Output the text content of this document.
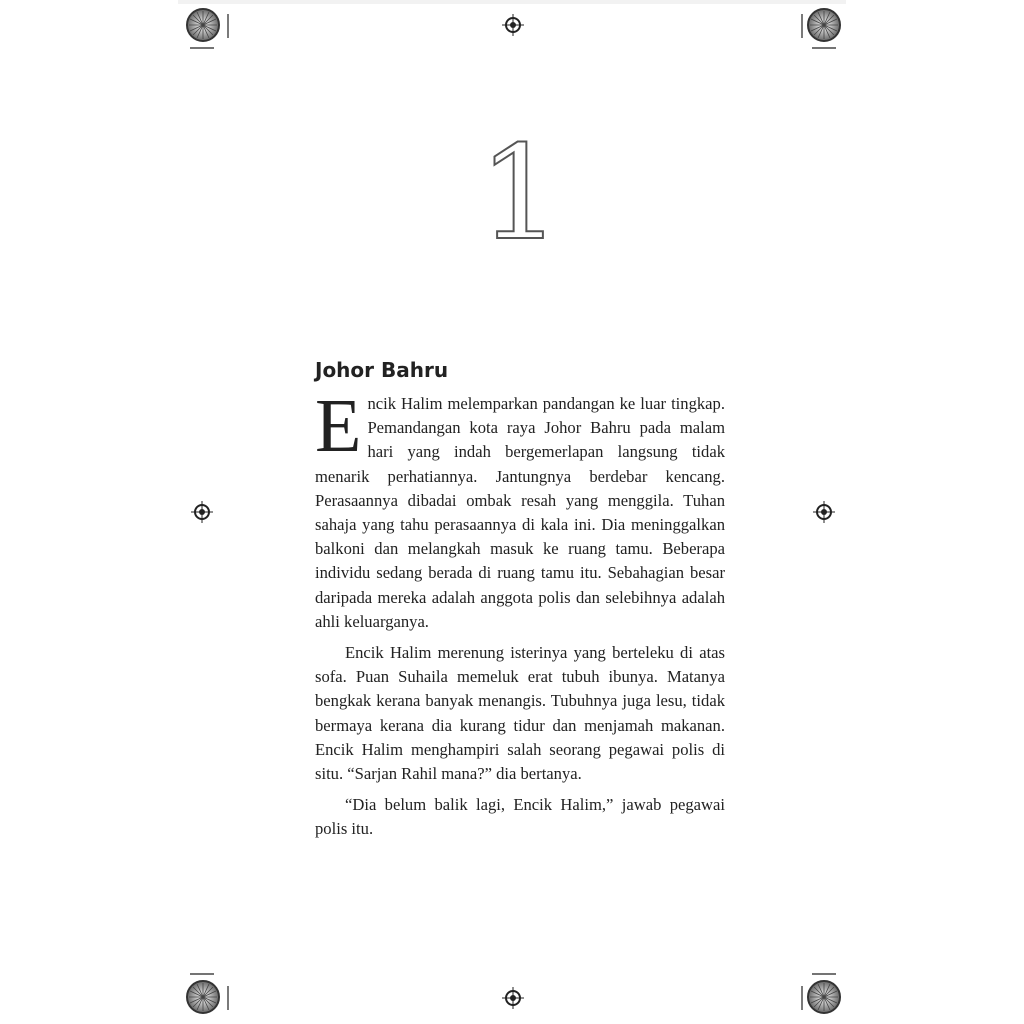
1
Johor Bahru

Encik Halim melemparkan pandangan ke luar tingkap. Pemandangan kota raya Johor Bahru pada malam hari yang indah bergemerlapan langsung tidak menarik perhatiannya. Jantungnya berdebar kencang. Perasaannya dibadai ombak resah yang menggila. Tuhan sahaja yang tahu perasaannya di kala ini. Dia meninggalkan balkoni dan melangkah masuk ke ruang tamu. Beberapa individu sedang berada di ruang tamu itu. Sebahagian besar daripada mereka adalah anggota polis dan selebihnya adalah ahli keluarganya.

Encik Halim merenung isterinya yang berteleku di atas sofa. Puan Suhaila memeluk erat tubuh ibunya. Matanya bengkak kerana banyak menangis. Tubuhnya juga lesu, tidak bermaya kerana dia kurang tidur dan menjamah makanan. Encik Halim menghampiri salah seorang pegawai polis di situ. “Sarjan Rahil mana?” dia bertanya.

“Dia belum balik lagi, Encik Halim,” jawab pegawai polis itu.
